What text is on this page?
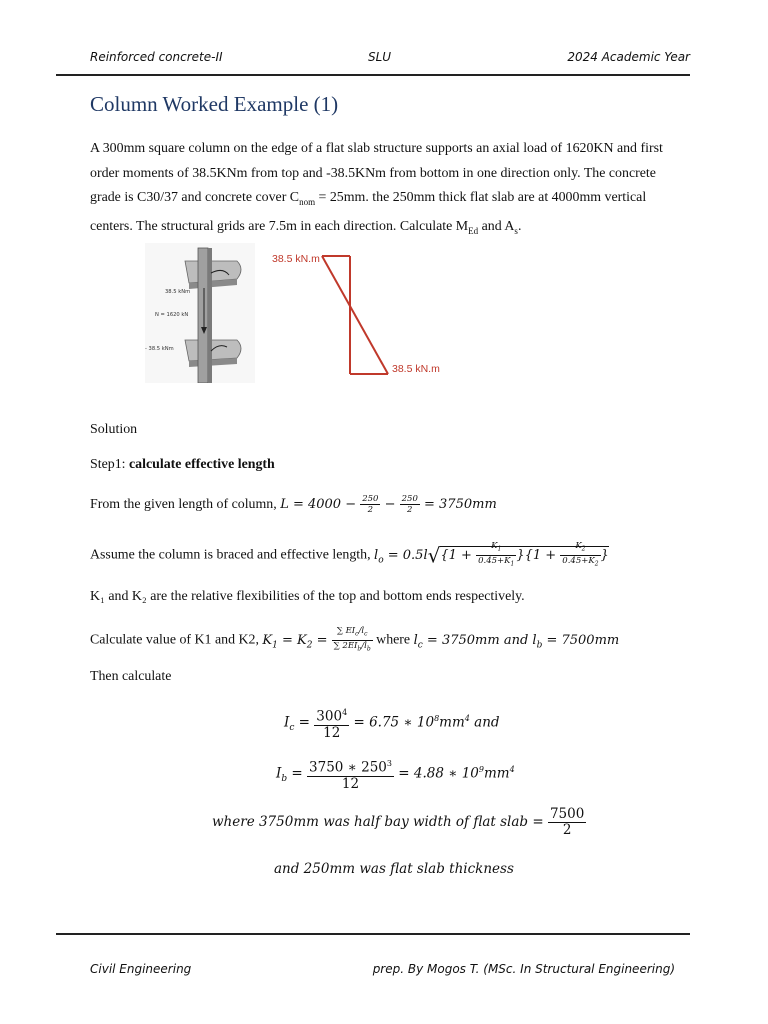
Reinforced concrete-II	SLU	2024 Academic Year
Column Worked Example (1)
A 300mm square column on the edge of a flat slab structure supports an axial load of 1620KN and first order moments of 38.5KNm from top and -38.5KNm from bottom in one direction only. The concrete grade is C30/37 and concrete cover $C_{nom} = 25mm$. the 250mm thick flat slab are at 4000mm vertical centers. The structural grids are 7.5m in each direction. Calculate $M_{Ed}$ and $A_s$.
38.5 kNm
N = 1620 kN
- 38.5 kNm
38.5 kN.m
38.5 kN.m
Solution
Step1: calculate effective length
From the given length of column, $L = 4000 - \frac{250}{2} - \frac{250}{2} = 3750mm$
Assume the column is braced and effective length, $l_o = 0.5l√\{1 + \frac{K_1}{0.45+K_1} \}\{1 + \frac{K_2}{0.45+K_2}$ }
K₁ and K₂ are the relative flexibilities of the top and bottom ends respectively.
Calculate value of K1 and K2, $K_1 = K_2 = \frac{\sum EI_c/l_c}{\sum 2EI_b/l_b}$ where $l_c = 3750mm$ and $l_b = 7500mm$
Then calculate
$I_c = \frac{300^4}{12} = 6.75$ ∗ $10^8mm^4$ and
$I_b = \frac{3750 ∗ 250^3}{12} = 4.88$ ∗ $10^9mm^4$
where 3750mm was half bay width of flat slab = $\frac{7500}{2}$
and 250mm was flat slab thickness
Civil Engineering	prep. By Mogos T. (MSc. In Structural Engineering)
